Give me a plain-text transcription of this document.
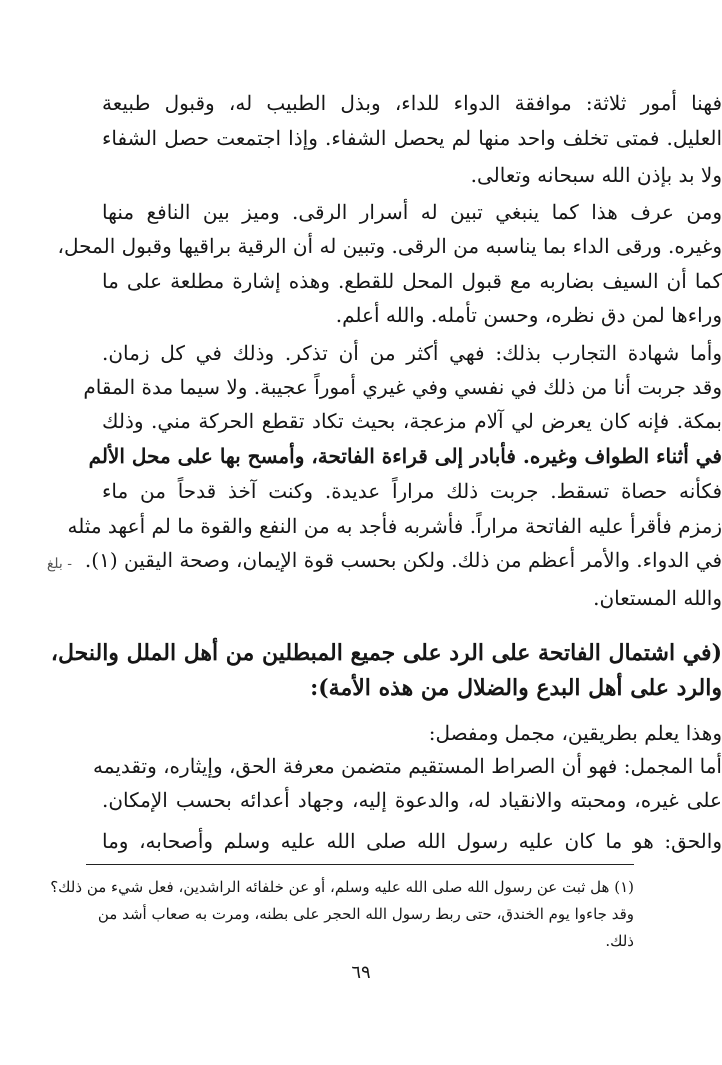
فهنا أمور ثلاثة: موافقة الدواء للداء، وبذل الطبيب له، وقبول طبيعة
العليل. فمتى تخلف واحد منها لم يحصل الشفاء. وإذا اجتمعت حصل الشفاء
ولا بد بإذن الله سبحانه وتعالى.
ومن عرف هذا كما ينبغي تبين له أسرار الرقى. وميز بين النافع منها
وغيره. ورقى الداء بما يناسبه من الرقى. وتبين له أن الرقية براقيها وقبول المحل،
كما أن السيف بضاربه مع قبول المحل للقطع. وهذه إشارة مطلعة على ما
وراءها لمن دق نظره، وحسن تأمله. والله أعلم.
وأما شهادة التجارب بذلك: فهي أكثر من أن تذكر. وذلك في كل زمان.
وقد جربت أنا من ذلك في نفسي وفي غيري أموراً عجيبة. ولا سيما مدة المقام
بمكة. فإنه كان يعرض لي آلام مزعجة، بحيث تكاد تقطع الحركة مني. وذلك
في أثناء الطواف وغيره. فأبادر إلى قراءة الفاتحة، وأمسح بها على محل الألم
فكأنه حصاة تسقط. جربت ذلك مراراً عديدة. وكنت آخذ قدحاً من ماء
زمزم فأقرأ عليه الفاتحة مراراً. فأشربه فأجد به من النفع والقوة ما لم أعهد مثله
في الدواء. والأمر أعظم من ذلك. ولكن بحسب قوة الإيمان، وصحة اليقين (١).
والله المستعان.
- بلغ
(في اشتمال الفاتحة على الرد على جميع المبطلين من أهل الملل والنحل،
والرد على أهل البدع والضلال من هذه الأمة):
وهذا يعلم بطريقين، مجمل ومفصل:
أما المجمل: فهو أن الصراط المستقيم متضمن معرفة الحق، وإيثاره، وتقديمه
على غيره، ومحبته والانقياد له، والدعوة إليه، وجهاد أعدائه بحسب الإمكان.
والحق: هو ما كان عليه رسول الله صلى الله عليه وسلم وأصحابه، وما
(١) هل ثبت عن رسول الله صلى الله عليه وسلم، أو عن خلفائه الراشدين، فعل شيء من ذلك؟
وقد جاءوا يوم الخندق، حتى ربط رسول الله الحجر على بطنه، ومرت به صعاب أشد من
ذلك.
٦٩
